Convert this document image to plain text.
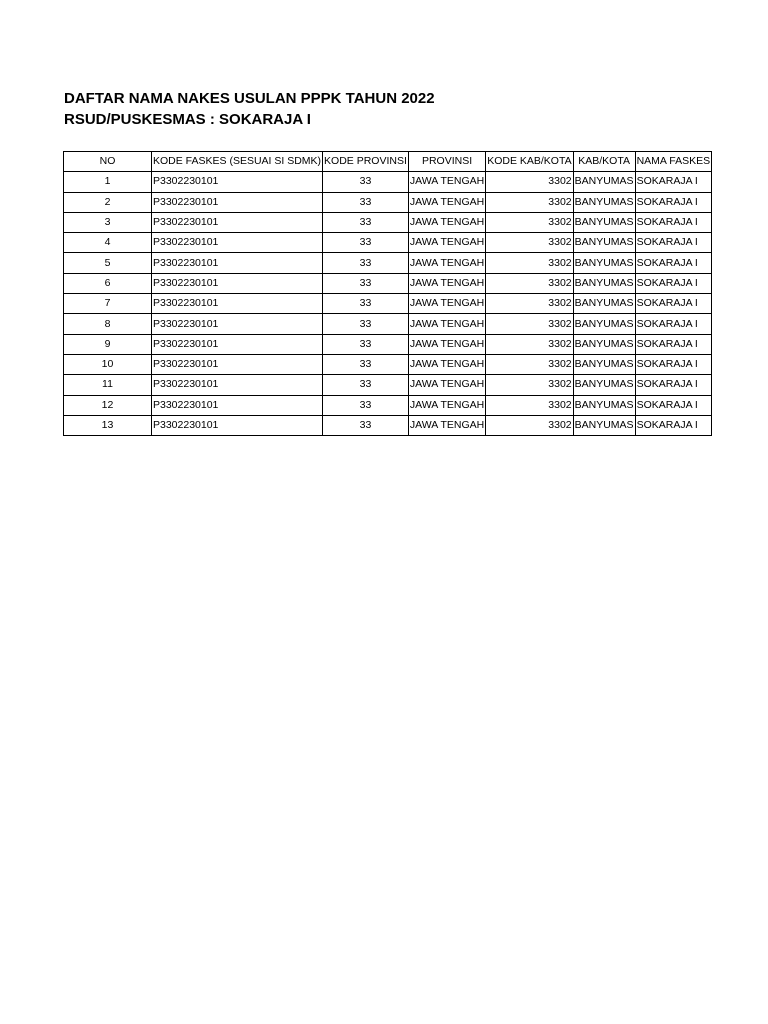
DAFTAR NAMA NAKES USULAN PPPK TAHUN 2022
RSUD/PUSKESMAS : SOKARAJA I
NO	KODE FASKES (SESUAI SI SDMK)	KODE PROVINSI	PROVINSI	KODE KAB/KOTA	KAB/KOTA	NAMA FASKES
1	P3302230101	33	JAWA TENGAH	3302	BANYUMAS	SOKARAJA I
2	P3302230101	33	JAWA TENGAH	3302	BANYUMAS	SOKARAJA I
3	P3302230101	33	JAWA TENGAH	3302	BANYUMAS	SOKARAJA I
4	P3302230101	33	JAWA TENGAH	3302	BANYUMAS	SOKARAJA I
5	P3302230101	33	JAWA TENGAH	3302	BANYUMAS	SOKARAJA I
6	P3302230101	33	JAWA TENGAH	3302	BANYUMAS	SOKARAJA I
7	P3302230101	33	JAWA TENGAH	3302	BANYUMAS	SOKARAJA I
8	P3302230101	33	JAWA TENGAH	3302	BANYUMAS	SOKARAJA I
9	P3302230101	33	JAWA TENGAH	3302	BANYUMAS	SOKARAJA I
10	P3302230101	33	JAWA TENGAH	3302	BANYUMAS	SOKARAJA I
11	P3302230101	33	JAWA TENGAH	3302	BANYUMAS	SOKARAJA I
12	P3302230101	33	JAWA TENGAH	3302	BANYUMAS	SOKARAJA I
13	P3302230101	33	JAWA TENGAH	3302	BANYUMAS	SOKARAJA I
